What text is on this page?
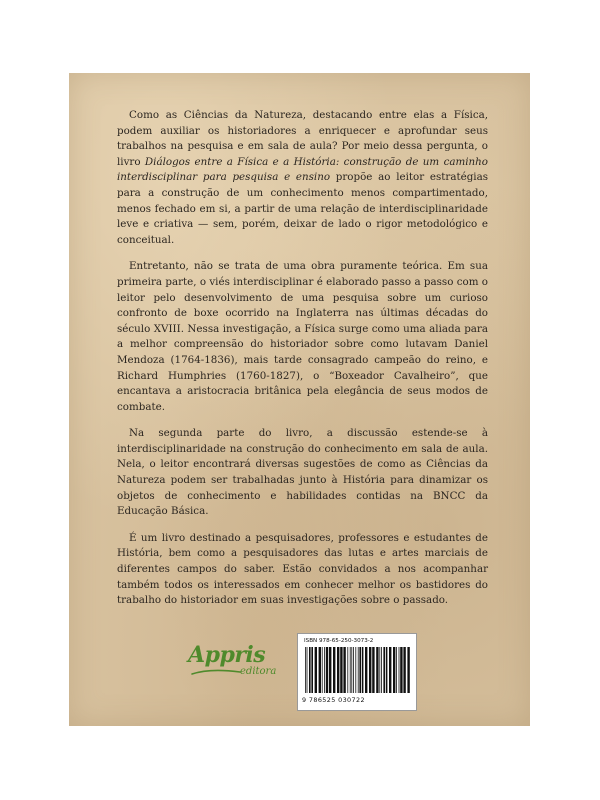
Como as Ciências da Natureza, destacando entre elas a Física, podem auxiliar os historiadores a enriquecer e aprofundar seus trabalhos na pesquisa e em sala de aula? Por meio dessa pergunta, o livro Diálogos entre a Física e a História: construção de um caminho interdisciplinar para pesquisa e ensino propõe ao leitor estratégias para a construção de um conhecimento menos compartimentado, menos fechado em si, a partir de uma relação de interdisciplinaridade leve e criativa — sem, porém, deixar de lado o rigor metodológico e conceitual.

Entretanto, não se trata de uma obra puramente teórica. Em sua primeira parte, o viés interdisciplinar é elaborado passo a passo com o leitor pelo desenvolvimento de uma pesquisa sobre um curioso confronto de boxe ocorrido na Inglaterra nas últimas décadas do século XVIII. Nessa investigação, a Física surge como uma aliada para a melhor compreensão do historiador sobre como lutavam Daniel Mendoza (1764-1836), mais tarde consagrado campeão do reino, e Richard Humphries (1760-1827), o “Boxeador Cavalheiro”, que encantava a aristocracia britânica pela elegância de seus modos de combate.

Na segunda parte do livro, a discussão estende-se à interdisciplinaridade na construção do conhecimento em sala de aula. Nela, o leitor encontrará diversas sugestões de como as Ciências da Natureza podem ser trabalhadas junto à História para dinamizar os objetos de conhecimento e habilidades contidas na BNCC da Educação Básica.

É um livro destinado a pesquisadores, professores e estudantes de História, bem como a pesquisadores das lutas e artes marciais de diferentes campos do saber. Estão convidados a nos acompanhar também todos os interessados em conhecer melhor os bastidores do trabalho do historiador em suas investigações sobre o passado.

Appris
editora
ISBN 978-65-250-3073-2
9 786525 030722
